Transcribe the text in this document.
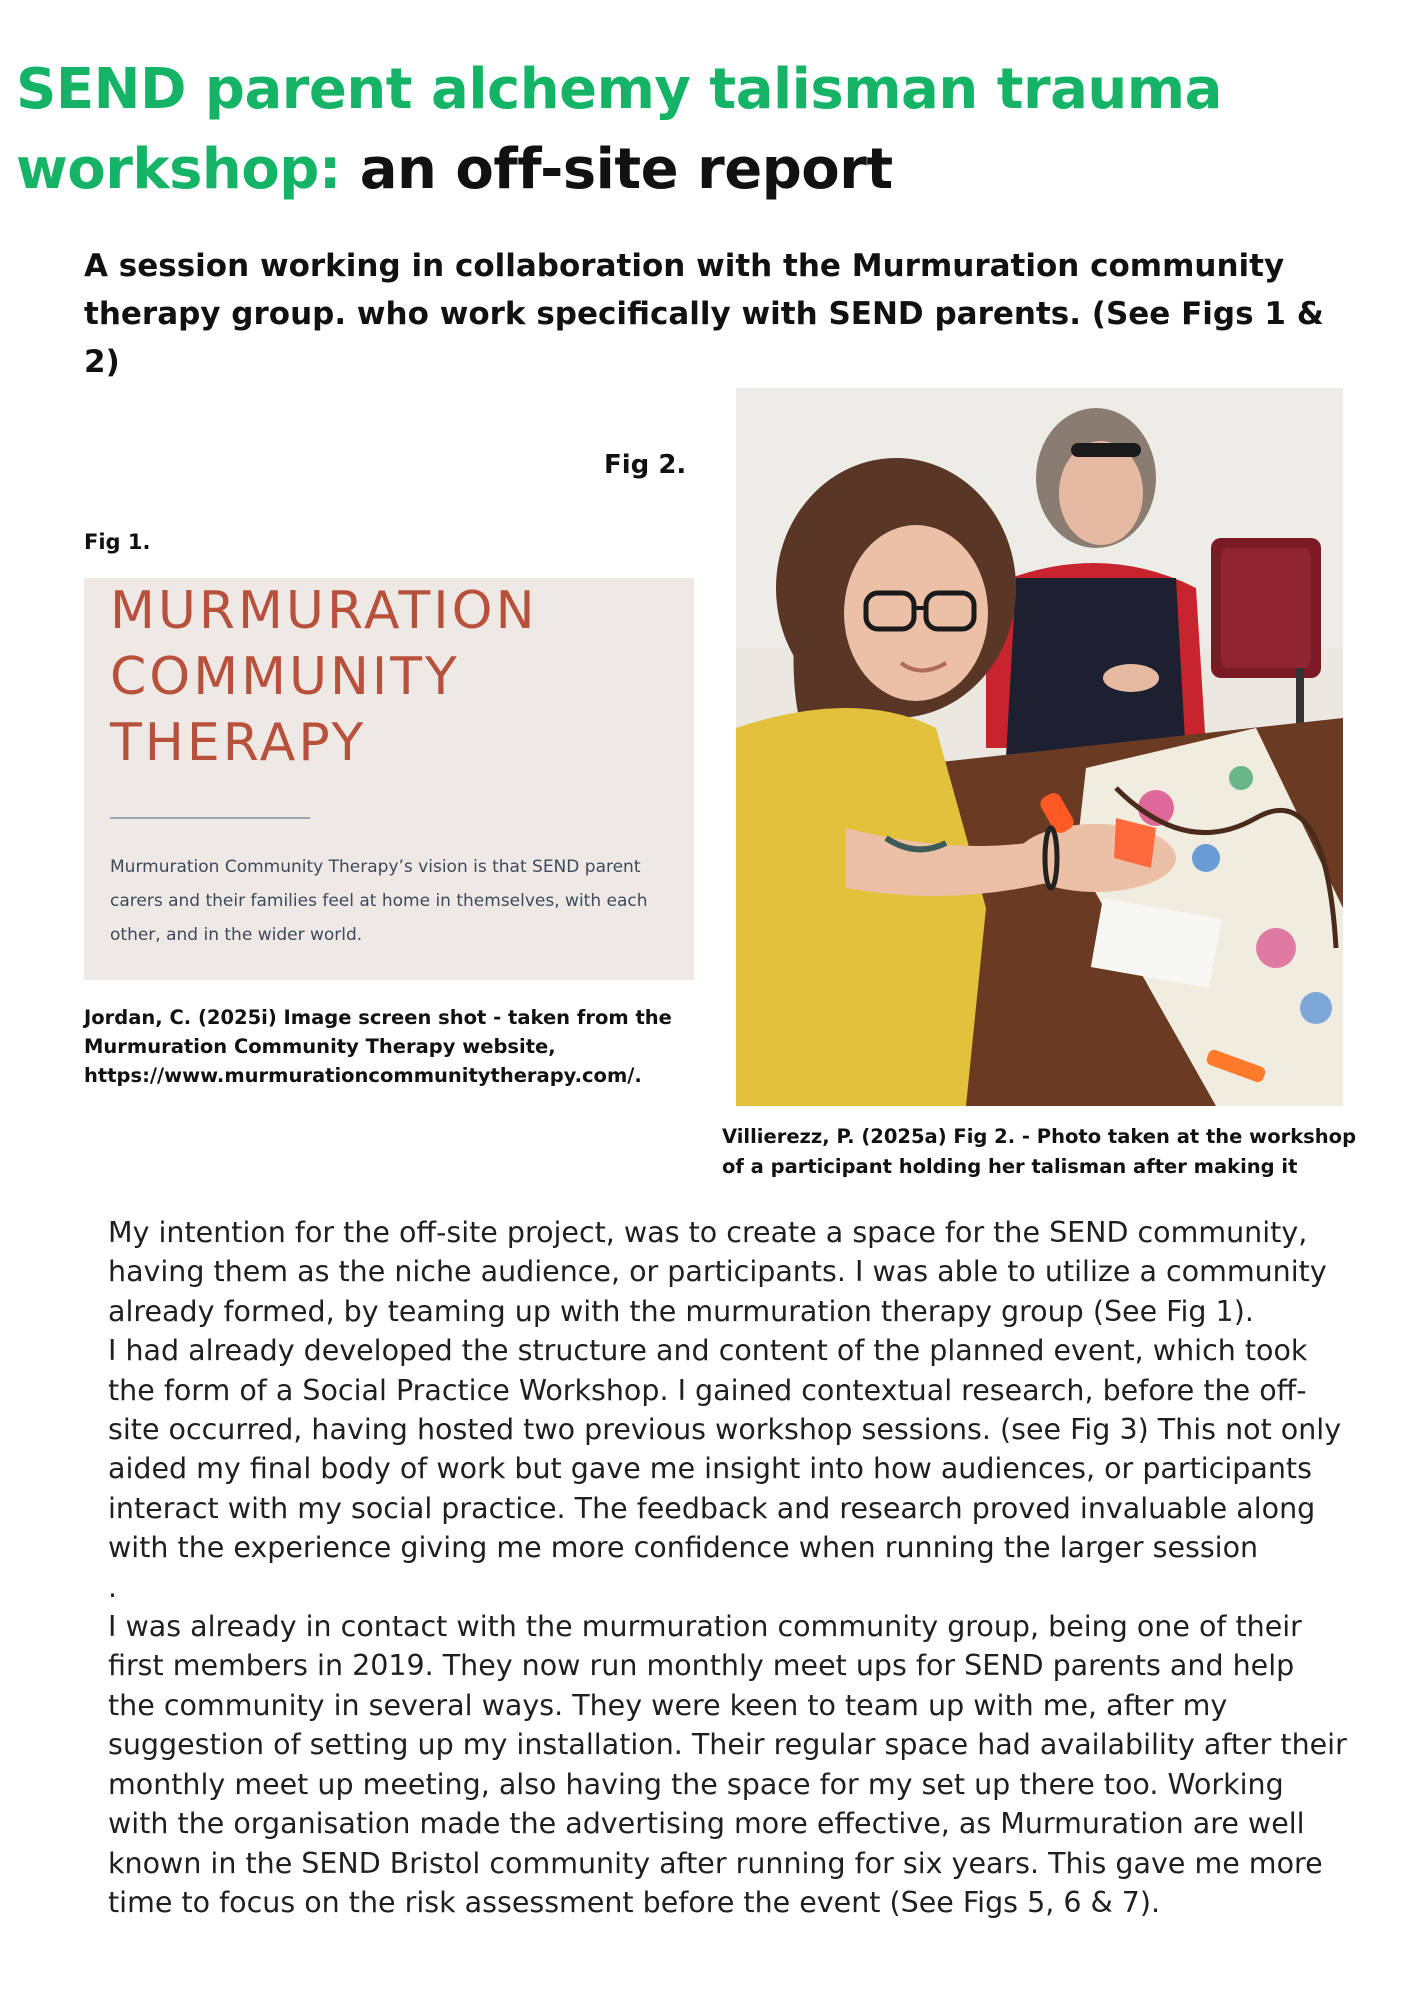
SEND parent alchemy talisman trauma workshop: an off-site report
A session working in collaboration with the Murmuration community therapy group. who work specifically with SEND parents. (See Figs 1 & 2)
Fig 2.
Fig 1.
MURMURATION
COMMUNITY
THERAPY
Murmuration Community Therapy’s vision is that SEND parent carers and their families feel at home in themselves, with each other, and in the wider world.
Jordan, C. (2025i) Image screen shot - taken from the Murmuration Community Therapy website, https://www.murmurationcommunitytherapy.com/.
Villierezz, P. (2025a) Fig 2. - Photo taken at the workshop of a participant holding her talisman after making it

My intention for the off-site project, was to create a space for the SEND community, having them as the niche audience, or participants. I was able to utilize a community already formed, by teaming up with the murmuration therapy group (See Fig 1).

I had already developed the structure and content of the planned event, which took the form of a Social Practice Workshop. I gained contextual research, before the off-site occurred, having hosted two previous workshop sessions. (see Fig 3) This not only aided my final body of work but gave me insight into how audiences, or participants interact with my social practice. The feedback and research proved invaluable along with the experience giving me more confidence when running the larger session

.

I was already in contact with the murmuration community group, being one of their first members in 2019. They now run monthly meet ups for SEND parents and help the community in several ways. They were keen to team up with me, after my suggestion of setting up my installation. Their regular space had availability after their monthly meet up meeting, also having the space for my set up there too. Working with the organisation made the advertising more effective, as Murmuration are well known in the SEND Bristol community after running for six years. This gave me more time to focus on the risk assessment before the event (See Figs 5, 6 & 7).
